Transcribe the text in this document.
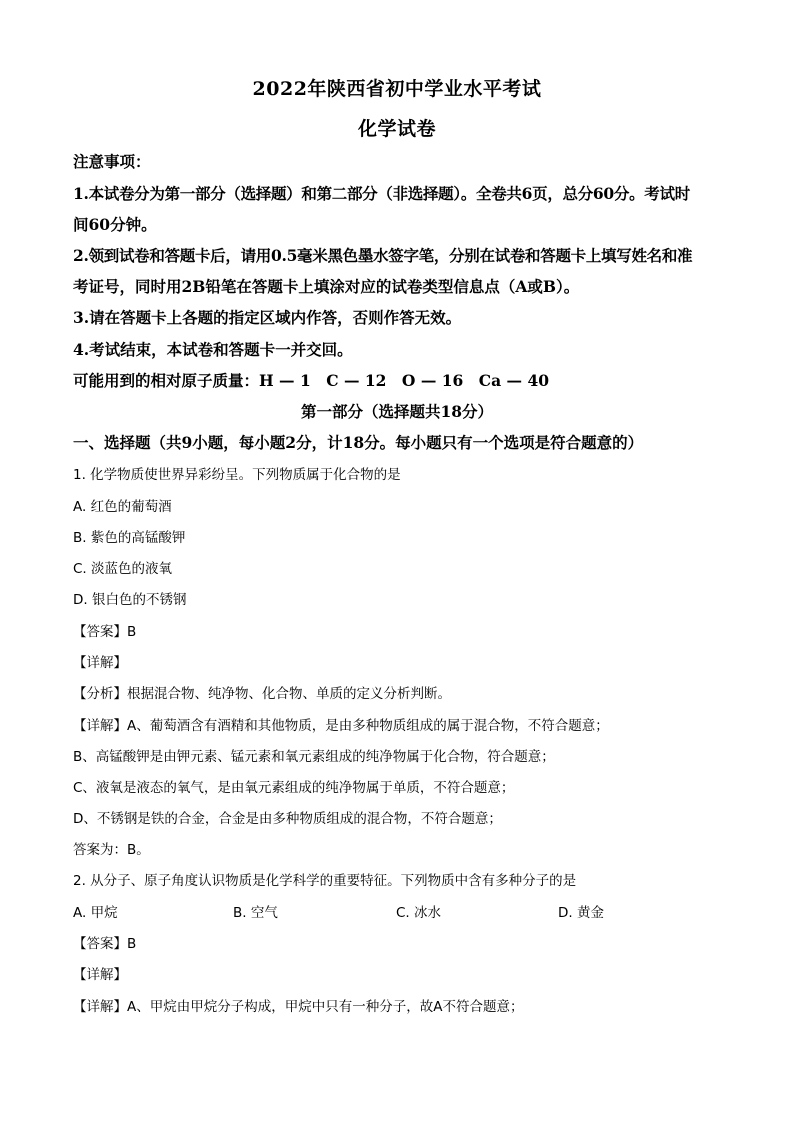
2022年陕西省初中学业水平考试
化学试卷
注意事项：
1.本试卷分为第一部分（选择题）和第二部分（非选择题）。全卷共6页，总分60分。考试时
间60分钟。
2.领到试卷和答题卡后，请用0.5毫米黑色墨水签字笔，分别在试卷和答题卡上填写姓名和准
考证号，同时用2B铅笔在答题卡上填涂对应的试卷类型信息点（A或B）。
3.请在答题卡上各题的指定区域内作答，否则作答无效。
4.考试结束，本试卷和答题卡一并交回。
可能用到的相对原子质量：H — 1　C — 12　O — 16　Ca — 40
第一部分（选择题共18分）
一、选择题（共9小题，每小题2分，计18分。每小题只有一个选项是符合题意的）
1. 化学物质使世界异彩纷呈。下列物质属于化合物的是
A. 红色的葡萄酒
B. 紫色的高锰酸钾
C. 淡蓝色的液氧
D. 银白色的不锈钢
【答案】B
【详解】
【分析】根据混合物、纯净物、化合物、单质的定义分析判断。
【详解】A、葡萄酒含有酒精和其他物质，是由多种物质组成的属于混合物，不符合题意；
B、高锰酸钾是由钾元素、锰元素和氧元素组成的纯净物属于化合物，符合题意；
C、液氧是液态的氧气，是由氧元素组成的纯净物属于单质，不符合题意；
D、不锈钢是铁的合金，合金是由多种物质组成的混合物，不符合题意；
答案为：B。
2. 从分子、原子角度认识物质是化学科学的重要特征。下列物质中含有多种分子的是
A. 甲烷	B. 空气	C. 冰水	D. 黄金
【答案】B
【详解】
【详解】A、甲烷由甲烷分子构成，甲烷中只有一种分子，故A不符合题意；
